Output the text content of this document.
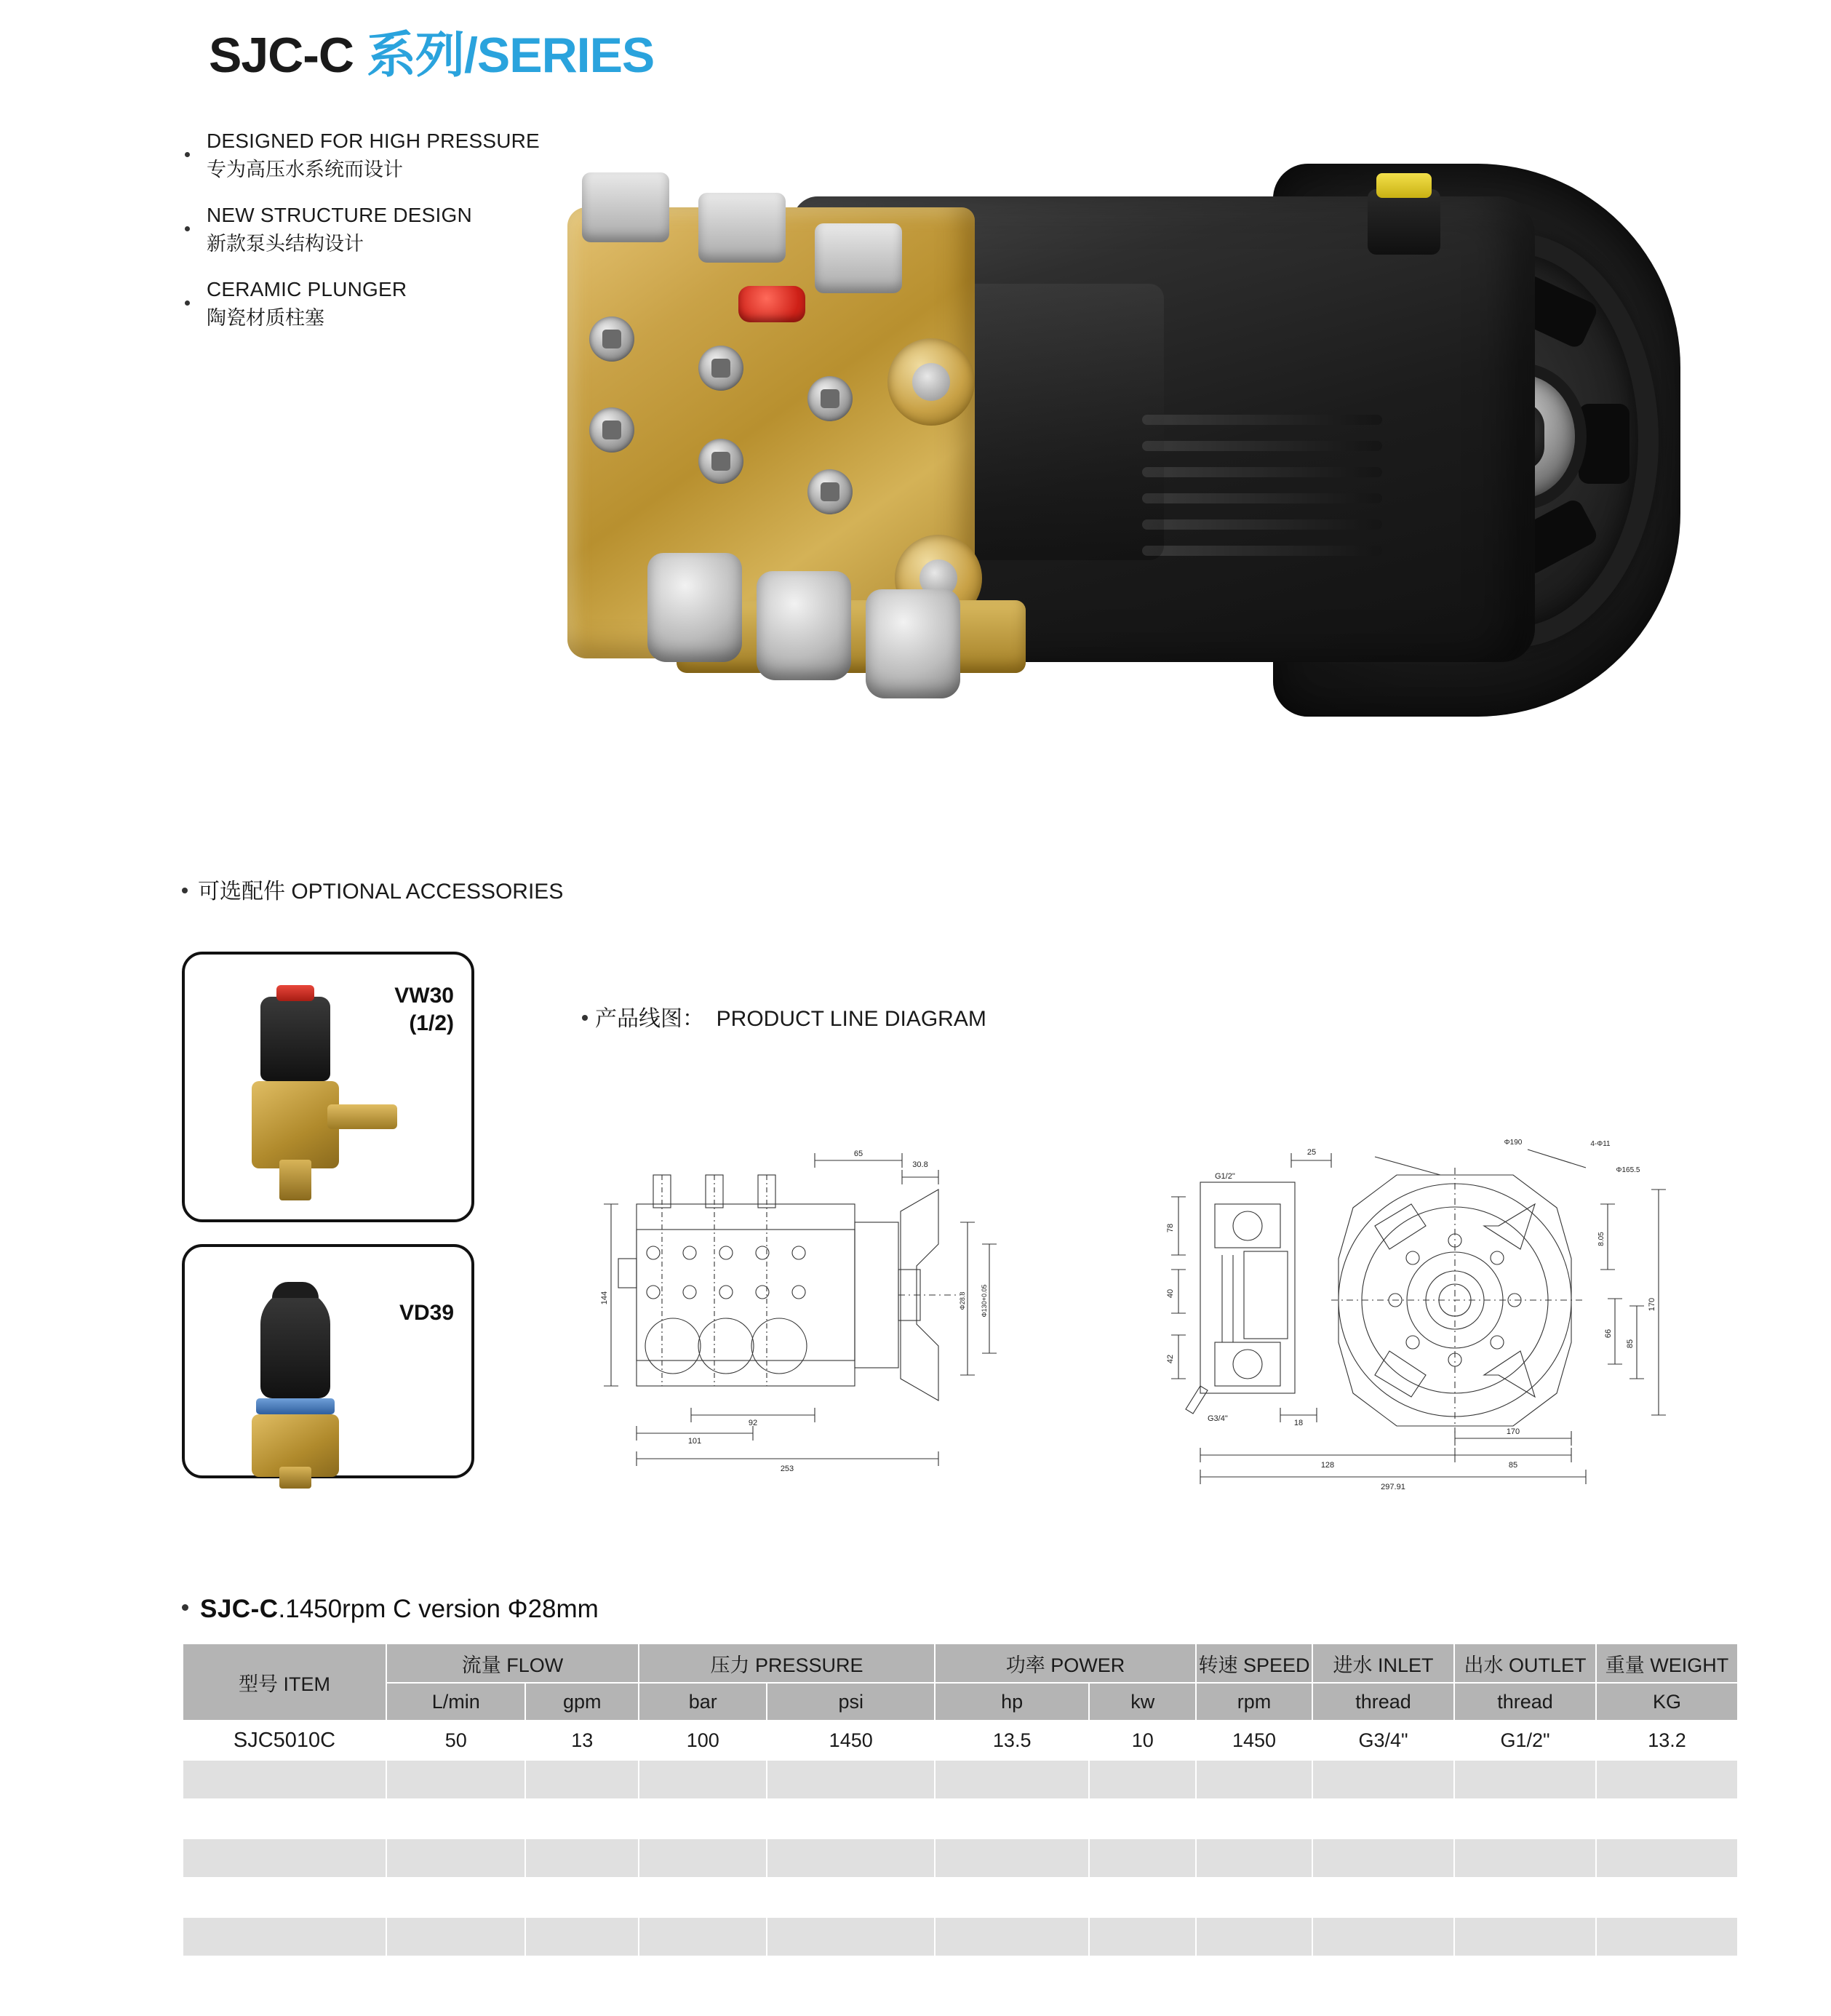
SJC-C 系列/SERIES
DESIGNED FOR HIGH PRESSURE
专为高压水系统而设计
NEW STRUCTURE DESIGN
新款泵头结构设计
CERAMIC PLUNGER
陶瓷材质柱塞
可选配件 OPTIONAL ACCESSORIES
VW30
(1/2)
VD39
产品线图： PRODUCT LINE DIAGRAM
101
92
253
65
30.8
144	Φ28.8 Φ130+0.05
78
40
42
25
18
128	85
297.91
170
8.05
66
85
170
Φ190
Φ165.5
4-Φ11
G1/2"
G3/4"
SJC-C.1450rpm C version Φ28mm
型号 ITEM	流量 FLOW		压力 PRESSURE		功率 POWER		转速 SPEED	进水 INLET	出水 OUTLET	重量 WEIGHT
	L/min	gpm	bar	psi	hp	kw	rpm	thread	thread	KG
SJC5010C	50	13	100	1450	13.5	10	1450	G3/4"	G1/2"	13.2
